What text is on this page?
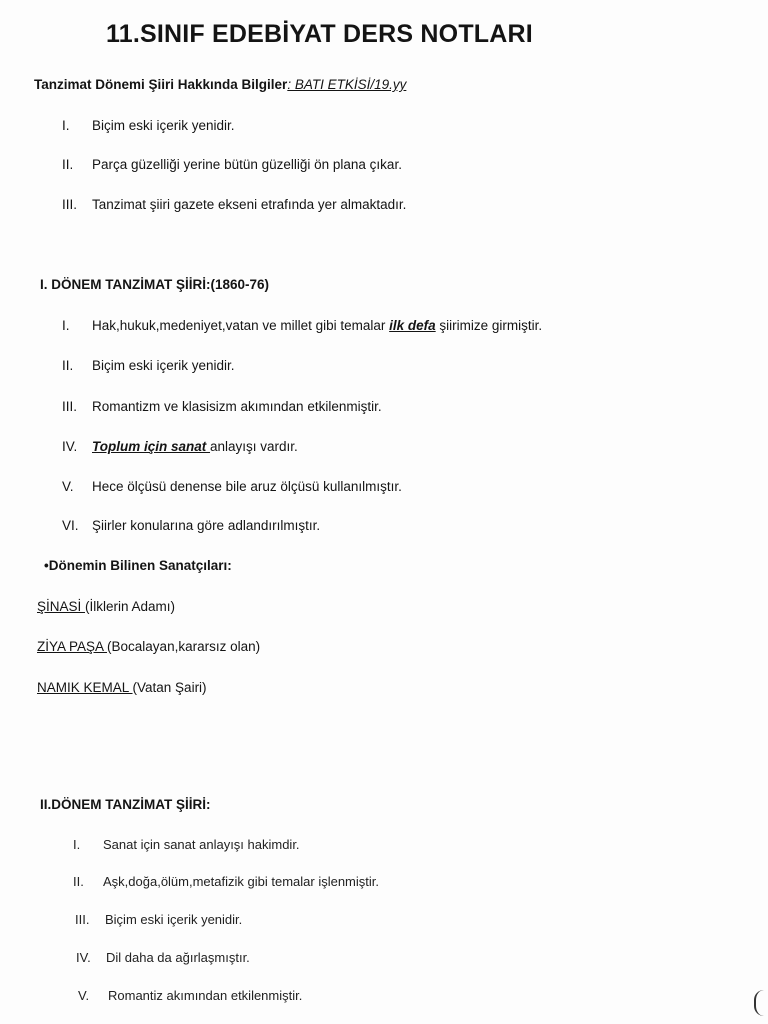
11.SINIF EDEBİYAT DERS NOTLARI
Tanzimat Dönemi Şiiri Hakkında Bilgiler: BATI ETKİSİ/19.yy
I. Biçim eski içerik yenidir.
II. Parça güzelliği yerine bütün güzelliği ön plana çıkar.
III. Tanzimat şiiri gazete ekseni etrafında yer almaktadır.
I. DÖNEM TANZİMAT ŞİİRİ:(1860-76)
I. Hak,hukuk,medeniyet,vatan ve millet gibi temalar ilk defa şiirimize girmiştir.
II. Biçim eski içerik yenidir.
III. Romantizm ve klasisizm akımından etkilenmiştir.
IV. Toplum için sanat anlayışı vardır.
V. Hece ölçüsü denense bile aruz ölçüsü kullanılmıştır.
VI. Şiirler konularına göre adlandırılmıştır.
•Dönemin Bilinen Sanatçıları:
ŞİNASİ (İlklerin Adamı)
ZİYA PAŞA (Bocalayan,kararsız olan)
NAMIK KEMAL (Vatan Şairi)
II.DÖNEM TANZİMAT ŞİİRİ:
I. Sanat için sanat anlayışı hakimdir.
II. Aşk,doğa,ölüm,metafizik gibi temalar işlenmiştir.
III. Biçim eski içerik yenidir.
IV. Dil daha da ağırlaşmıştır.
V. Romantiz akımından etkilenmiştir.
